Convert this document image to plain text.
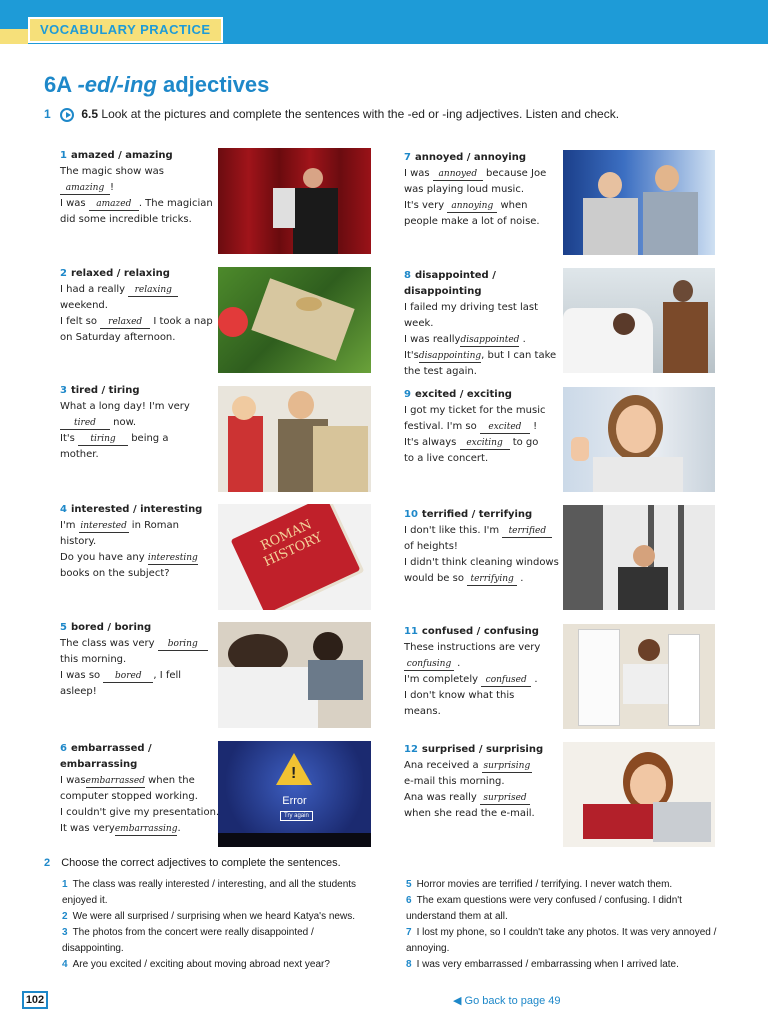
VOCABULARY PRACTICE
6A -ed/-ing adjectives
1	6.5 Look at the pictures and complete the sentences with the -ed or -ing adjectives. Listen and check.
ROMAN HISTORY
!
Error
Try again
1 amazed / amazing
The magic show was
amazing !
I was amazed . The magician
did some incredible tricks.
2 relaxed / relaxing
I had a really relaxing
weekend.
I felt so relaxed I took a nap
on Saturday afternoon.
3 tired / tiring
What a long day! I'm very
tired now.
It's tiring being a
mother.
4 interested / interesting
I'm interested in Roman
history.
Do you have any interesting
books on the subject?
5 bored / boring
The class was very boring
this morning.
I was so bored , I fell
asleep!
6 embarrassed / embarrassing
I wasembarrassed when the
computer stopped working.
I couldn't give my presentation.
It was veryembarrassing.
7 annoyed / annoying
I was annoyed because Joe
was playing loud music.
It's very annoying when
people make a lot of noise.
8 disappointed / disappointing
I failed my driving test last week.
I was reallydisappointed .
It'sdisappointing, but I can take
the test again.
9 excited / exciting
I got my ticket for the music
festival. I'm so excited !
It's always exciting to go
to a live concert.
10 terrified / terrifying
I don't like this. I'm terrified
of heights!
I didn't think cleaning windows
would be so terrifying .
11 confused / confusing
These instructions are very
confusing .
I'm completely confused .
I don't know what this means.
12 surprised / surprising
Ana received a surprising
e-mail this morning.
Ana was really surprised
when she read the e-mail.
2 Choose the correct adjectives to complete the sentences.
1 The class was really interested / interesting, and all the students enjoyed it.
2 We were all surprised / surprising when we heard Katya's news.
3 The photos from the concert were really disappointed / disappointing.
4 Are you excited / exciting about moving abroad next year?
5 Horror movies are terrified / terrifying. I never watch them.
6 The exam questions were very confused / confusing. I didn't understand them at all.
7 I lost my phone, so I couldn't take any photos. It was very annoyed / annoying.
8 I was very embarrassed / embarrassing when I arrived late.
102	◀ Go back to page 49
